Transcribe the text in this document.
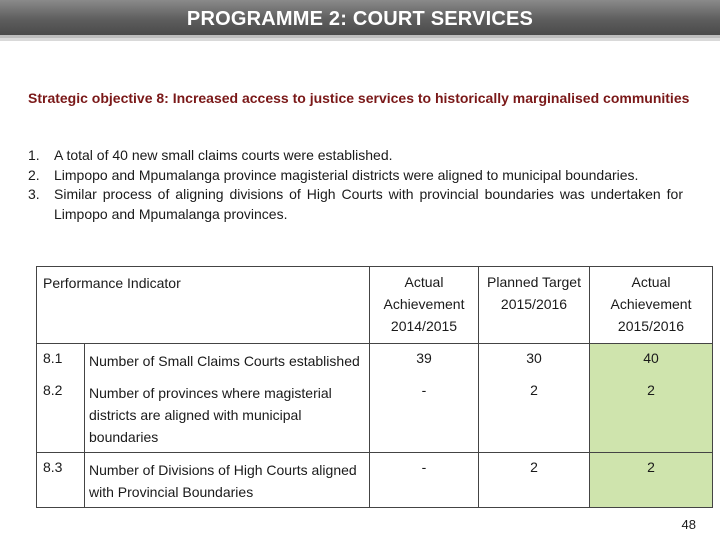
PROGRAMME 2: COURT SERVICES
Strategic objective 8: Increased access to justice services to historically marginalised communities
1. A total of 40 new small claims courts were established.
2. Limpopo and Mpumalanga province magisterial districts were aligned to municipal boundaries.
3. Similar process of aligning divisions of High Courts with provincial boundaries was undertaken for Limpopo and Mpumalanga provinces.
Performance Indicator		Actual Achievement 2014/2015	Planned Target 2015/2016	Actual Achievement 2015/2016
8.1	Number of Small Claims Courts established	39	30	40
8.2	Number of provinces where magisterial districts are aligned with municipal boundaries	-	2	2
8.3	Number of Divisions of High Courts aligned with Provincial Boundaries	-	2	2
48
